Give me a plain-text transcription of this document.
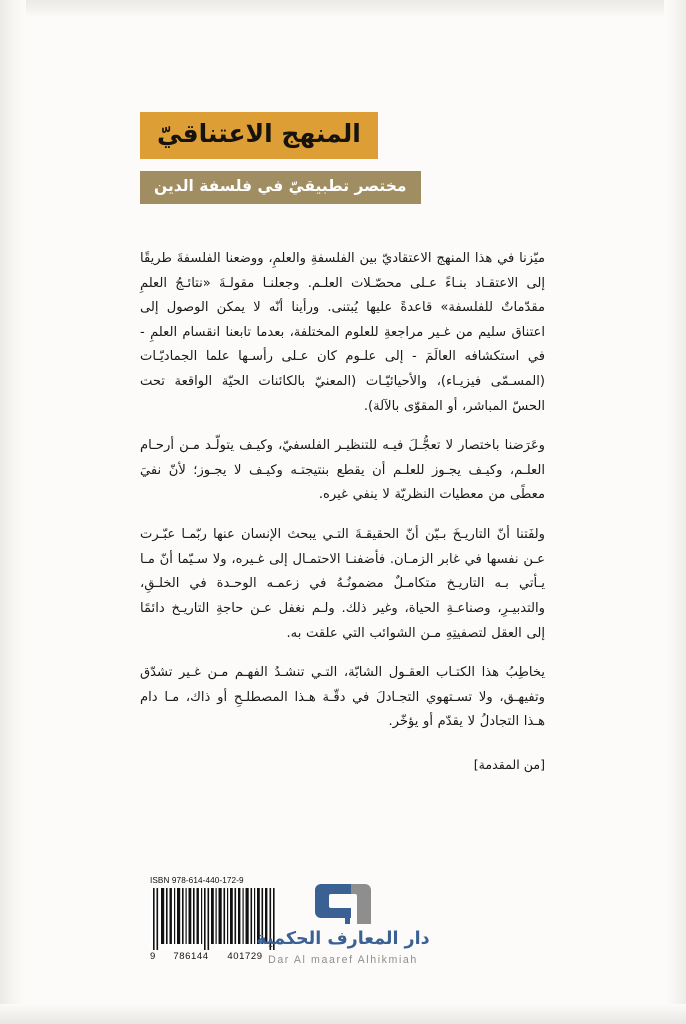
المنهج الاعتناقيّ
مختصر تطبيقيّ في فلسفة الدين

ميّزنا في هذا المنهج الاعتقاديّ بين الفلسفةِ والعلمِ، ووضعنا الفلسفةَ طريقًا إلى الاعتقـاد بنـاءً عـلى محصّـلات العلـم. وجعلنـا مقولـةَ «نتائـجُ العلمِ مقدّماتٌ للفلسفة» قاعدةً عليها يُبتنى. ورأينا أنّه لا يمكن الوصول إلى اعتناق سليم من غـير مراجعةِ للعلوم المختلفة، بعدما تابعنا انقسام العلمِ - في استكشافه العالَمَ - إلى علـوم كان عـلى رأسـها علما الجماديّـات (المسـمّى فيزيـاء)، والأحيائيّـات (المعنيّ بالكائنات الحيّة الواقعة تحت الحسّ المباشر، أو المقوّى بالآلة).

وعَرَضنا باختصار لا تعجُّـلَ فيـه للتنظيـر الفلسفيّ، وكيـف يتولّـد مـن أرحـام العلـم، وكيـف يجـوز للعلـم أن يقطع بنتيجتـه وكيـف لا يجـوز؛ لأنّ نفيَ معطًى من معطيات النظريّة لا ينفي غيره.

ولفَتنا أنّ التاريـخَ بـيّن أنّ الحقيقـةَ التـي يبحث الإنسان عنها ربّمـا عبّـرت عـن نفسها في غابر الزمـان. فأضفنـا الاحتمـال إلى غـيره، ولا سـيّما أنّ مـا يـأتي بـه التاريـخ متكامـلٌ مضمونُـهُ في زعمـه الوحـدة في الخلـقِ، والتدبيـرِ، وصناعـةِ الحياة، وغير ذلك. ولـم نغفل عـن حاجةِ التاريـخ دائمًا إلى العقل لتصفيتِهِ مـن الشوائب التي علقت به.

يخاطِبُ هذا الكتـاب العقـول الشابّة، التـي تنشـدُ الفهـم مـن غـير تشدّق وتفيهـق، ولا تسـتهوي التجـادلَ في دقّـة هـذا المصطلـحِ أو ذاك، مـا دام هـذا التجادلُ لا يقدّم أو يؤخّر.

[من المقدمة]
ISBN 978-614-440-172-9
9	786144	401729
دار المعارف الحكمية
Dar Al maaref Alhikmiah
